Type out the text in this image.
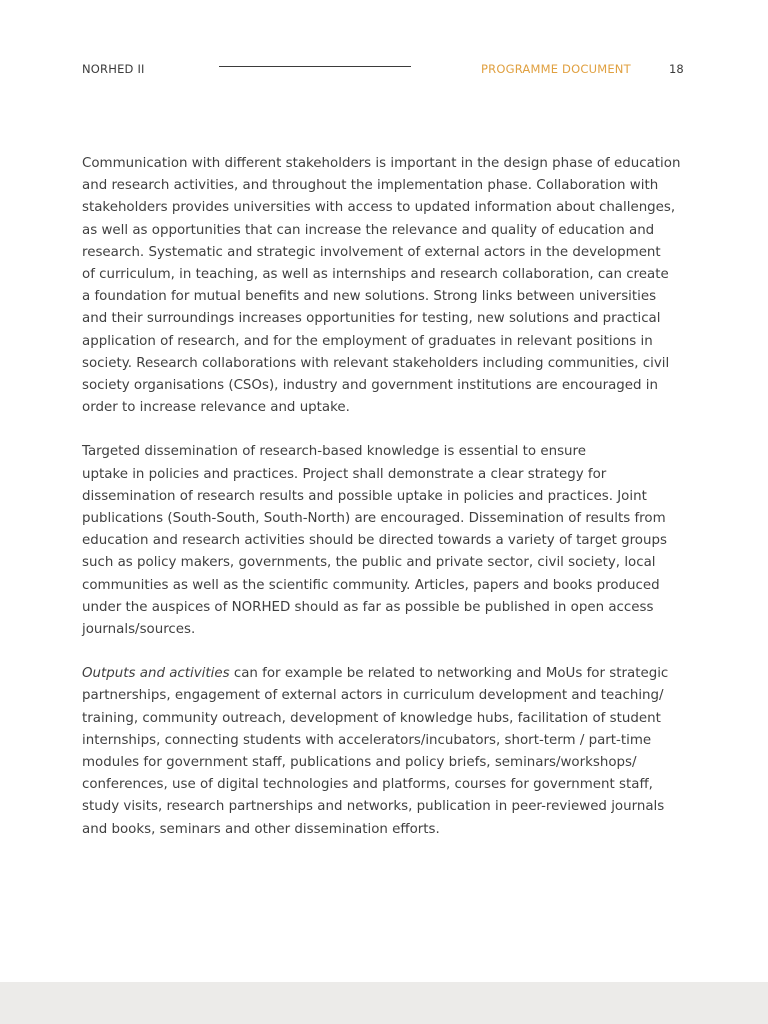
NORHED II	PROGRAMME DOCUMENT	18

Communication with different stakeholders is important in the design phase of education
and research activities, and throughout the implementation phase. Collaboration with
stakeholders provides universities with access to updated information about challenges,
as well as opportunities that can increase the relevance and quality of education and
research. Systematic and strategic involvement of external actors in the development
of curriculum, in teaching, as well as internships and research collaboration, can create
a foundation for mutual benefits and new solutions. Strong links between universities
and their surroundings increases opportunities for testing, new solutions and practical
application of research, and for the employment of graduates in relevant positions in
society. Research collaborations with relevant stakeholders including communities, civil
society organisations (CSOs), industry and government institutions are encouraged in
order to increase relevance and uptake.

Targeted dissemination of research-based knowledge is essential to ensure
uptake in policies and practices. Project shall demonstrate a clear strategy for
dissemination of research results and possible uptake in policies and practices. Joint
publications (South-South, South-North) are encouraged. Dissemination of results from
education and research activities should be directed towards a variety of target groups
such as policy makers, governments, the public and private sector, civil society, local
communities as well as the scientific community. Articles, papers and books produced
under the auspices of NORHED should as far as possible be published in open access
journals/sources.

Outputs and activities can for example be related to networking and MoUs for strategic
partnerships, engagement of external actors in curriculum development and teaching/
training, community outreach, development of knowledge hubs, facilitation of student
internships, connecting students with accelerators/incubators, short-term / part-time
modules for government staff, publications and policy briefs, seminars/workshops/
conferences, use of digital technologies and platforms, courses for government staff,
study visits, research partnerships and networks, publication in peer-reviewed journals
and books, seminars and other dissemination efforts.
